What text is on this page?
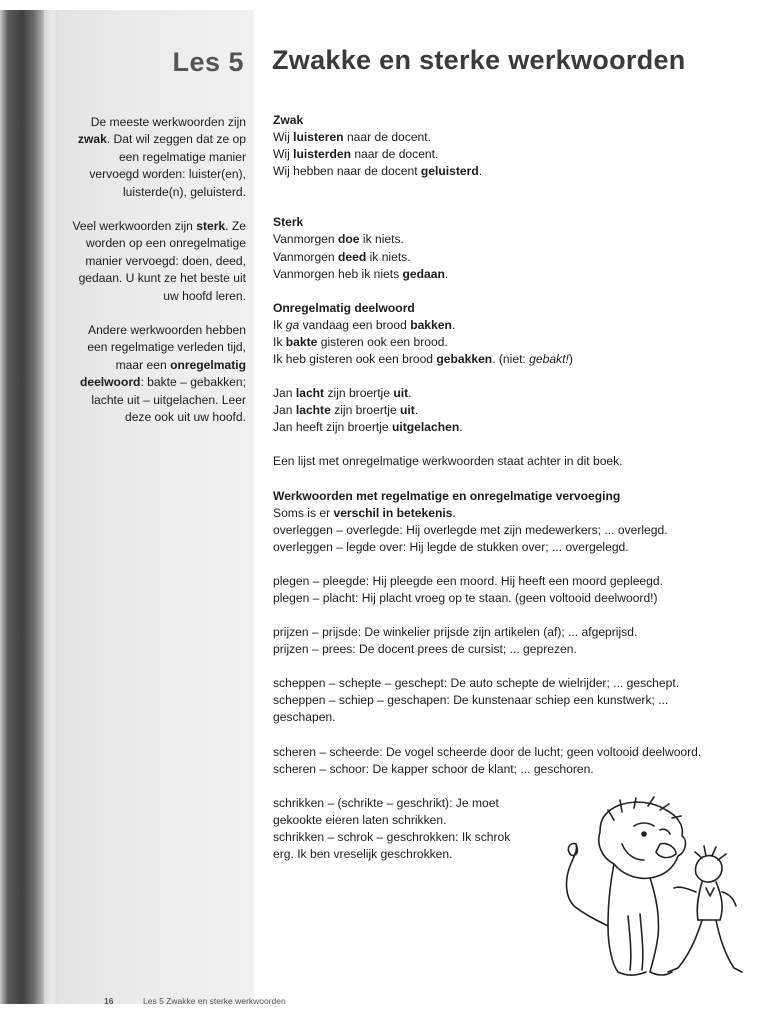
Les 5 Zwakke en sterke werkwoorden

De meeste werkwoorden zijn zwak. Dat wil zeggen dat ze op een regelmatige manier vervoegd worden: luister(en), luisterde(n), geluisterd.

Veel werkwoorden zijn sterk. Ze worden op een onregelmatige manier vervoegd: doen, deed, gedaan. U kunt ze het beste uit uw hoofd leren.

Andere werkwoorden hebben een regelmatige verleden tijd, maar een onregelmatig deelwoord: bakte – gebakken; lachte uit – uitgelachen. Leer deze ook uit uw hoofd.

Zwak
Wij luisteren naar de docent.
Wij luisterden naar de docent.
Wij hebben naar de docent geluisterd.
Sterk
Vanmorgen doe ik niets.
Vanmorgen deed ik niets.
Vanmorgen heb ik niets gedaan.
Onregelmatig deelwoord
Ik ga vandaag een brood bakken.
Ik bakte gisteren ook een brood.
Ik heb gisteren ook een brood gebakken. (niet: gebakt!)
Jan lacht zijn broertje uit.
Jan lachte zijn broertje uit.
Jan heeft zijn broertje uitgelachen.
Een lijst met onregelmatige werkwoorden staat achter in dit boek.
Werkwoorden met regelmatige en onregelmatige vervoeging
Soms is er verschil in betekenis.
overleggen – overlegde: Hij overlegde met zijn medewerkers; ... overlegd.
overleggen – legde over: Hij legde de stukken over; ... overgelegd.
plegen – pleegde: Hij pleegde een moord. Hij heeft een moord gepleegd.
plegen – placht: Hij placht vroeg op te staan. (geen voltooid deelwoord!)
prijzen – prijsde: De winkelier prijsde zijn artikelen (af); ... afgeprijsd.
prijzen – prees: De docent prees de cursist; ... geprezen.
scheppen – schepte – geschept: De auto schepte de wielrijder; ... geschept.
scheppen – schiep – geschapen: De kunstenaar schiep een kunstwerk; ...
geschapen.
scheren – scheerde: De vogel scheerde door de lucht; geen voltooid deelwoord.
scheren – schoor: De kapper schoor de klant; ... geschoren.
schrikken – (schrikte – geschrikt): Je moet
gekookte eieren laten schrikken.
schrikken – schrok – geschrokken: Ik schrok
erg. Ik ben vreselijk geschrokken.
16	Les 5 Zwakke en sterke werkwoorden
